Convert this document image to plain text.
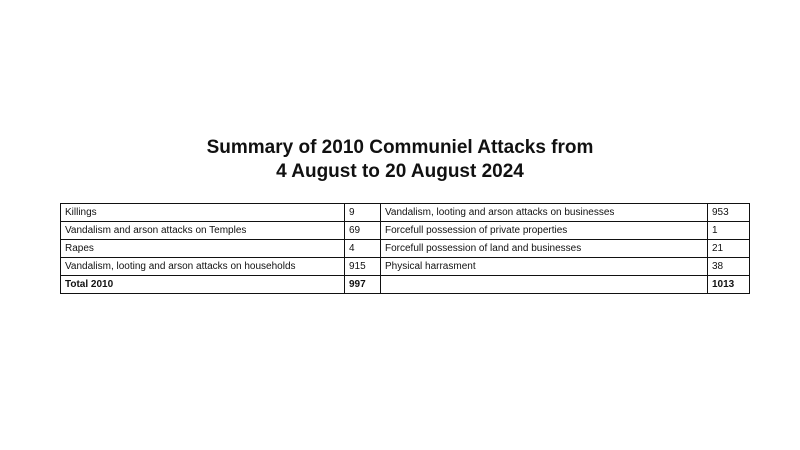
Summary of 2010 Communiel Attacks from
4 August to 20 August 2024
Killings	9	Vandalism, looting and arson attacks on businesses	953
Vandalism and arson attacks on Temples	69	Forcefull possession of private properties	1
Rapes	4	Forcefull possession of land and businesses	21
Vandalism, looting and arson attacks on households	915	Physical harrasment	38
Total 2010	997		1013
